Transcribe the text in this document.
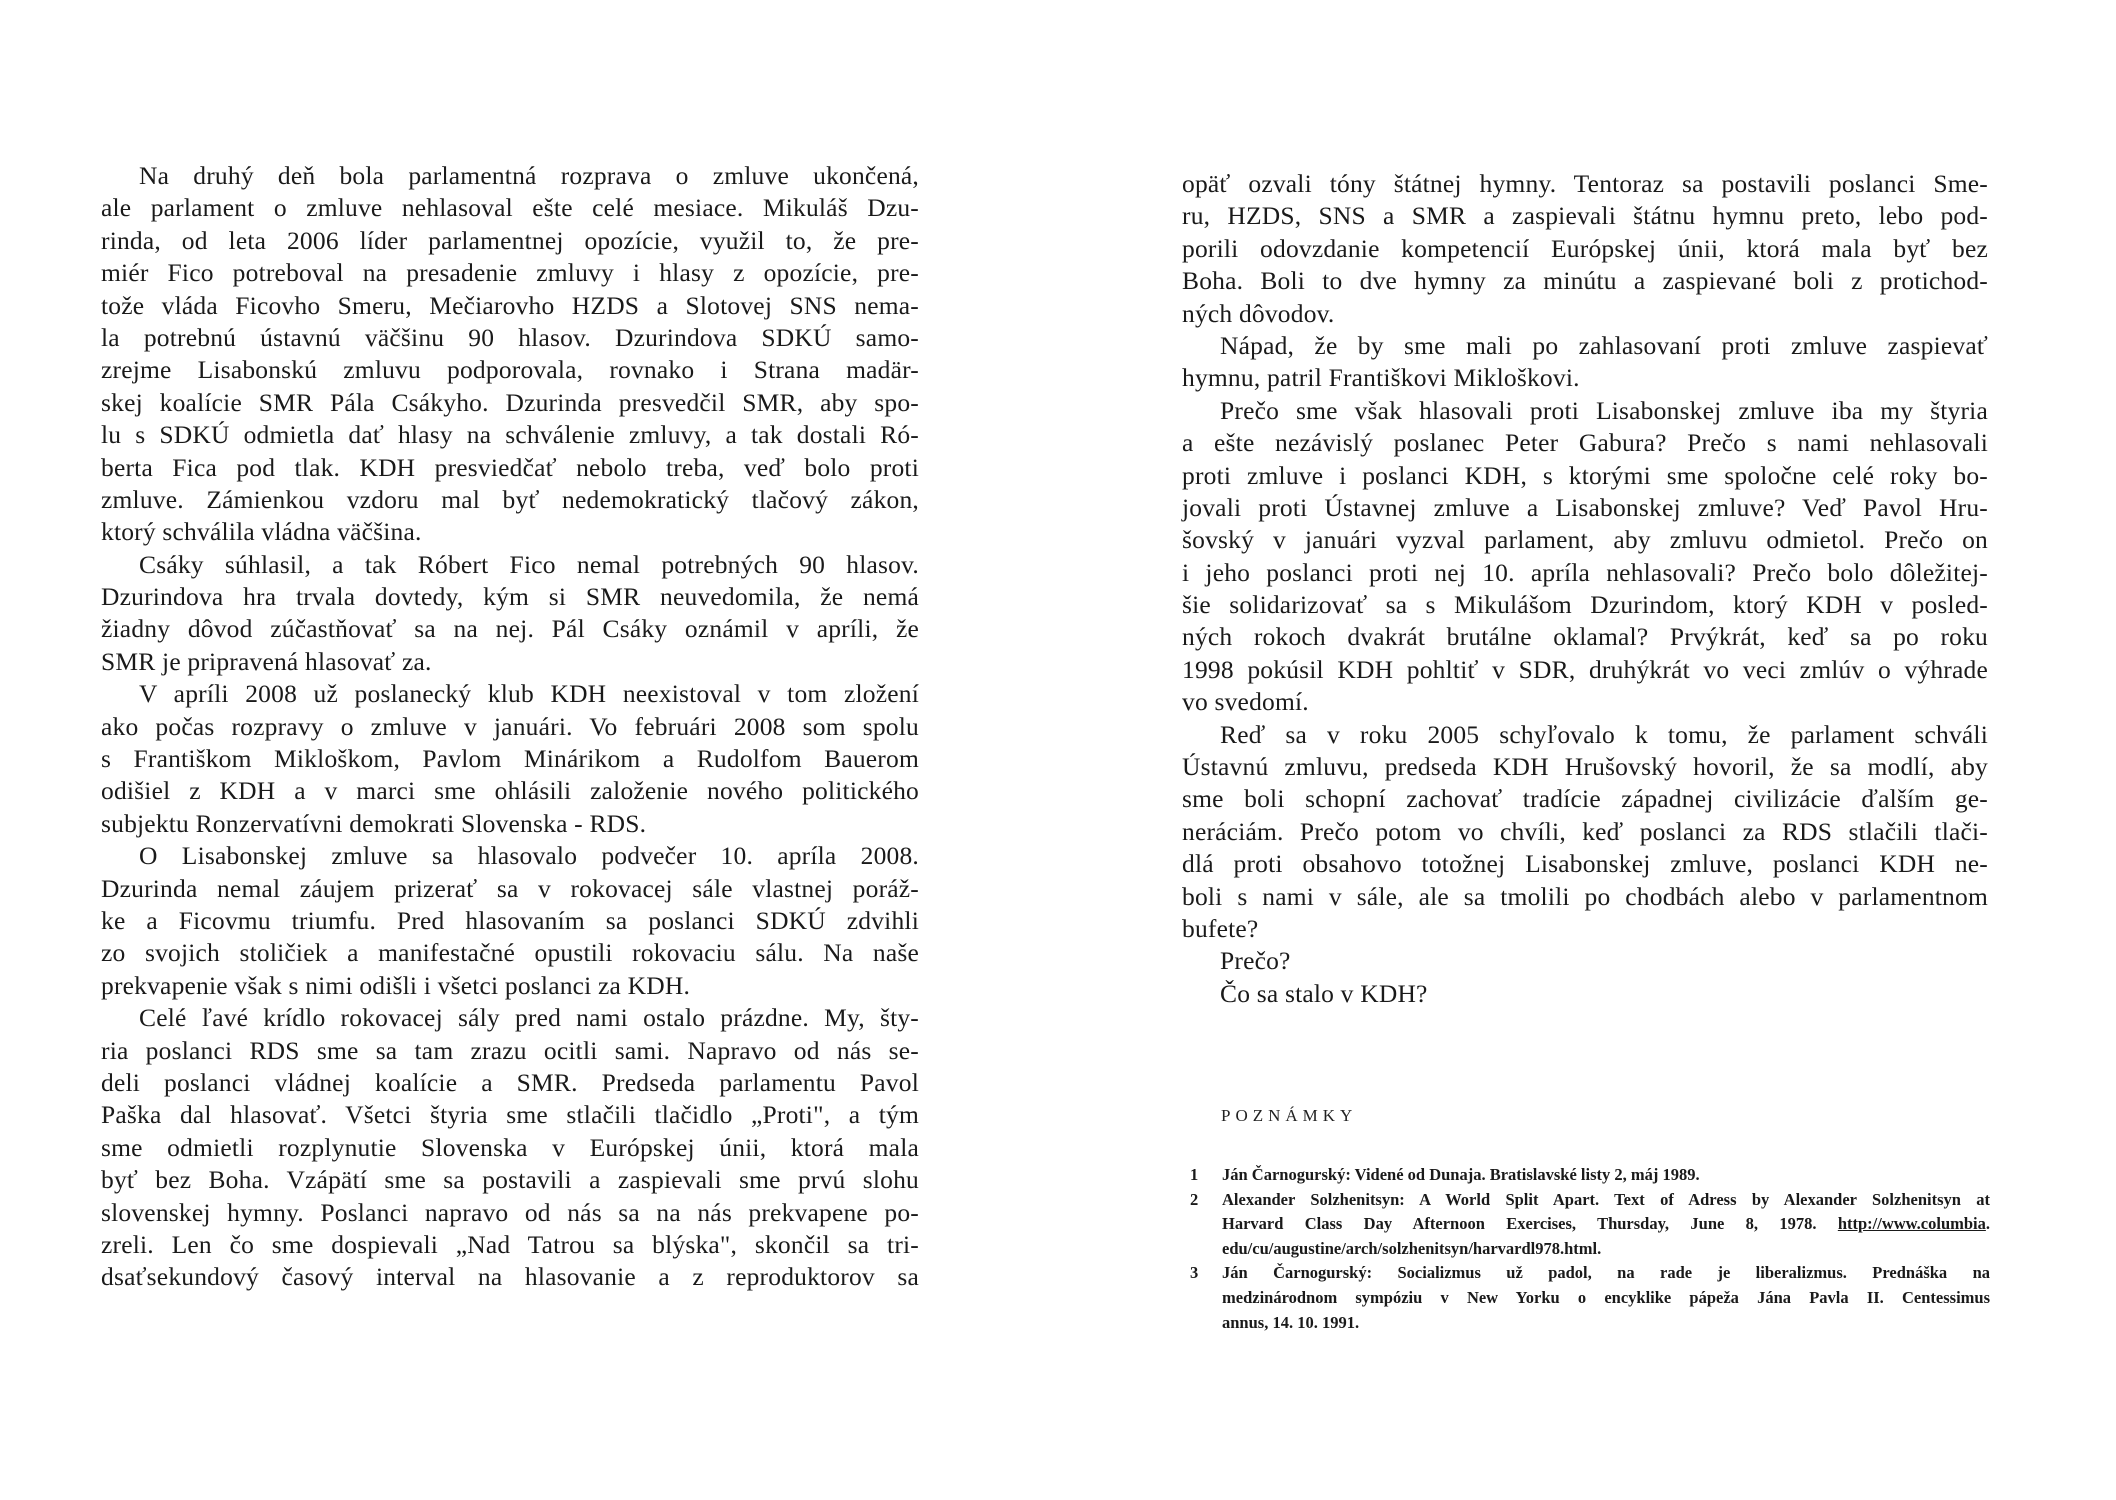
Na druhý deň bola parlamentná rozprava o zmluve ukončená,
ale parlament o zmluve nehlasoval ešte celé mesiace. Mikuláš Dzu-
rinda, od leta 2006 líder parlamentnej opozície, využil to, že pre-
miér Fico potreboval na presadenie zmluvy i hlasy z opozície, pre-
tože vláda Ficovho Smeru, Mečiarovho HZDS a Slotovej SNS nema-
la potrebnú ústavnú väčšinu 90 hlasov. Dzurindova SDKÚ samo-
zrejme Lisabonskú zmluvu podporovala, rovnako i Strana madär-
skej koalície SMR Pála Csákyho. Dzurinda presvedčil SMR, aby spo-
lu s SDKÚ odmietla dať hlasy na schválenie zmluvy, a tak dostali Ró-
berta Fica pod tlak. KDH presviedčať nebolo treba, veď bolo proti
zmluve. Zámienkou vzdoru mal byť nedemokratický tlačový zákon,
ktorý schválila vládna väčšina.
Csáky súhlasil, a tak Róbert Fico nemal potrebných 90 hlasov.
Dzurindova hra trvala dovtedy, kým si SMR neuvedomila, že nemá
žiadny dôvod zúčastňovať sa na nej. Pál Csáky oznámil v apríli, že
SMR je pripravená hlasovať za.
V apríli 2008 už poslanecký klub KDH neexistoval v tom zložení
ako počas rozpravy o zmluve v januári. Vo februári 2008 som spolu
s Františkom Mikloškom, Pavlom Minárikom a Rudolfom Bauerom
odišiel z KDH a v marci sme ohlásili založenie nového politického
subjektu Ronzervatívni demokrati Slovenska - RDS.
O Lisabonskej zmluve sa hlasovalo podvečer 10. apríla 2008.
Dzurinda nemal záujem prizerať sa v rokovacej sále vlastnej poráž-
ke a Ficovmu triumfu. Pred hlasovaním sa poslanci SDKÚ zdvihli
zo svojich stoličiek a manifestačné opustili rokovaciu sálu. Na naše
prekvapenie však s nimi odišli i všetci poslanci za KDH.
Celé ľavé krídlo rokovacej sály pred nami ostalo prázdne. My, šty-
ria poslanci RDS sme sa tam zrazu ocitli sami. Napravo od nás se-
deli poslanci vládnej koalície a SMR. Predseda parlamentu Pavol
Paška dal hlasovať. Všetci štyria sme stlačili tlačidlo „Proti", a tým
sme odmietli rozplynutie Slovenska v Európskej únii, ktorá mala
byť bez Boha. Vzápätí sme sa postavili a zaspievali sme prvú slohu
slovenskej hymny. Poslanci napravo od nás sa na nás prekvapene po-
zreli. Len čo sme dospievali „Nad Tatrou sa blýska", skončil sa tri-
dsaťsekundový časový interval na hlasovanie a z reproduktorov sa
opäť ozvali tóny štátnej hymny. Tentoraz sa postavili poslanci Sme-
ru, HZDS, SNS a SMR a zaspievali štátnu hymnu preto, lebo pod-
porili odovzdanie kompetencií Európskej únii, ktorá mala byť bez
Boha. Boli to dve hymny za minútu a zaspievané boli z protichod-
ných dôvodov.
Nápad, že by sme mali po zahlasovaní proti zmluve zaspievať
hymnu, patril Františkovi Mikloškovi.
Prečo sme však hlasovali proti Lisabonskej zmluve iba my štyria
a ešte nezávislý poslanec Peter Gabura? Prečo s nami nehlasovali
proti zmluve i poslanci KDH, s ktorými sme spoločne celé roky bo-
jovali proti Ústavnej zmluve a Lisabonskej zmluve? Veď Pavol Hru-
šovský v januári vyzval parlament, aby zmluvu odmietol. Prečo on
i jeho poslanci proti nej 10. apríla nehlasovali? Prečo bolo dôležitej-
šie solidarizovať sa s Mikulášom Dzurindom, ktorý KDH v posled-
ných rokoch dvakrát brutálne oklamal? Prvýkrát, keď sa po roku
1998 pokúsil KDH pohltiť v SDR, druhýkrát vo veci zmlúv o výhrade
vo svedomí.
Reď sa v roku 2005 schyľovalo k tomu, že parlament schváli
Ústavnú zmluvu, predseda KDH Hrušovský hovoril, že sa modlí, aby
sme boli schopní zachovať tradície západnej civilizácie ďalším ge-
neráciám. Prečo potom vo chvíli, keď poslanci za RDS stlačili tlači-
dlá proti obsahovo totožnej Lisabonskej zmluve, poslanci KDH ne-
boli s nami v sále, ale sa tmolili po chodbách alebo v parlamentnom
bufete?
Prečo?
Čo sa stalo v KDH?
POZNÁMKY
1	Ján Čarnogurský: Videné od Dunaja. Bratislavské listy 2, máj 1989.
2	Alexander Solzhenitsyn: A World Split Apart. Text of Adress by Alexander Solzhenitsyn at
Harvard Class Day Afternoon Exercises, Thursday, June 8, 1978. http://www.columbia.
edu/cu/augustine/arch/solzhenitsyn/harvardl978.html.
3	Ján Čarnogurský: Socializmus už padol, na rade je liberalizmus. Prednáška na
medzinárodnom sympóziu v New Yorku o encyklike pápeža Jána Pavla II. Centessimus
annus, 14. 10. 1991.
